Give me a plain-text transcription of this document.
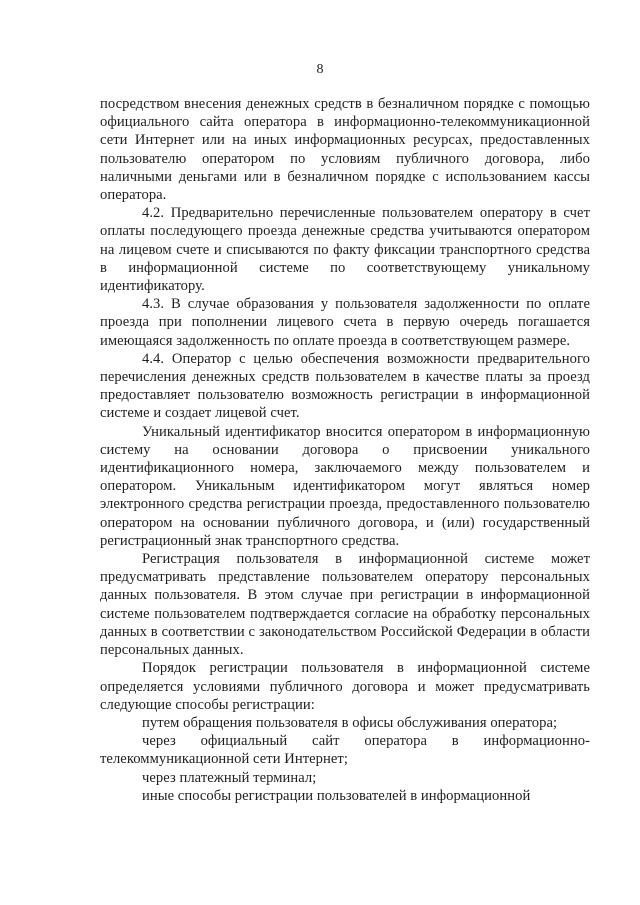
8

посредством внесения денежных средств в безналичном порядке с помощью официального сайта оператора в информационно-телекоммуникационной сети Интернет или на иных информационных ресурсах, предоставленных пользователю оператором по условиям публичного договора, либо наличными деньгами или в безналичном порядке с использованием кассы оператора.

4.2. Предварительно перечисленные пользователем оператору в счет оплаты последующего проезда денежные средства учитываются оператором на лицевом счете и списываются по факту фиксации транспортного средства в информационной системе по соответствующему уникальному идентификатору.

4.3. В случае образования у пользователя задолженности по оплате проезда при пополнении лицевого счета в первую очередь погашается имеющаяся задолженность по оплате проезда в соответствующем размере.

4.4. Оператор с целью обеспечения возможности предварительного перечисления денежных средств пользователем в качестве платы за проезд предоставляет пользователю возможность регистрации в информационной системе и создает лицевой счет.

Уникальный идентификатор вносится оператором в информационную систему на основании договора о присвоении уникального идентификационного номера, заключаемого между пользователем и оператором. Уникальным идентификатором могут являться номер электронного средства регистрации проезда, предоставленного пользователю оператором на основании публичного договора, и (или) государственный регистрационный знак транспортного средства.

Регистрация пользователя в информационной системе может предусматривать представление пользователем оператору персональных данных пользователя. В этом случае при регистрации в информационной системе пользователем подтверждается согласие на обработку персональных данных в соответствии с законодательством Российской Федерации в области персональных данных.

Порядок регистрации пользователя в информационной системе определяется условиями публичного договора и может предусматривать следующие способы регистрации:

путем обращения пользователя в офисы обслуживания оператора;

через официальный сайт оператора в информационно-телекоммуникационной сети Интернет;

через платежный терминал;

иные способы регистрации пользователей в информационной
